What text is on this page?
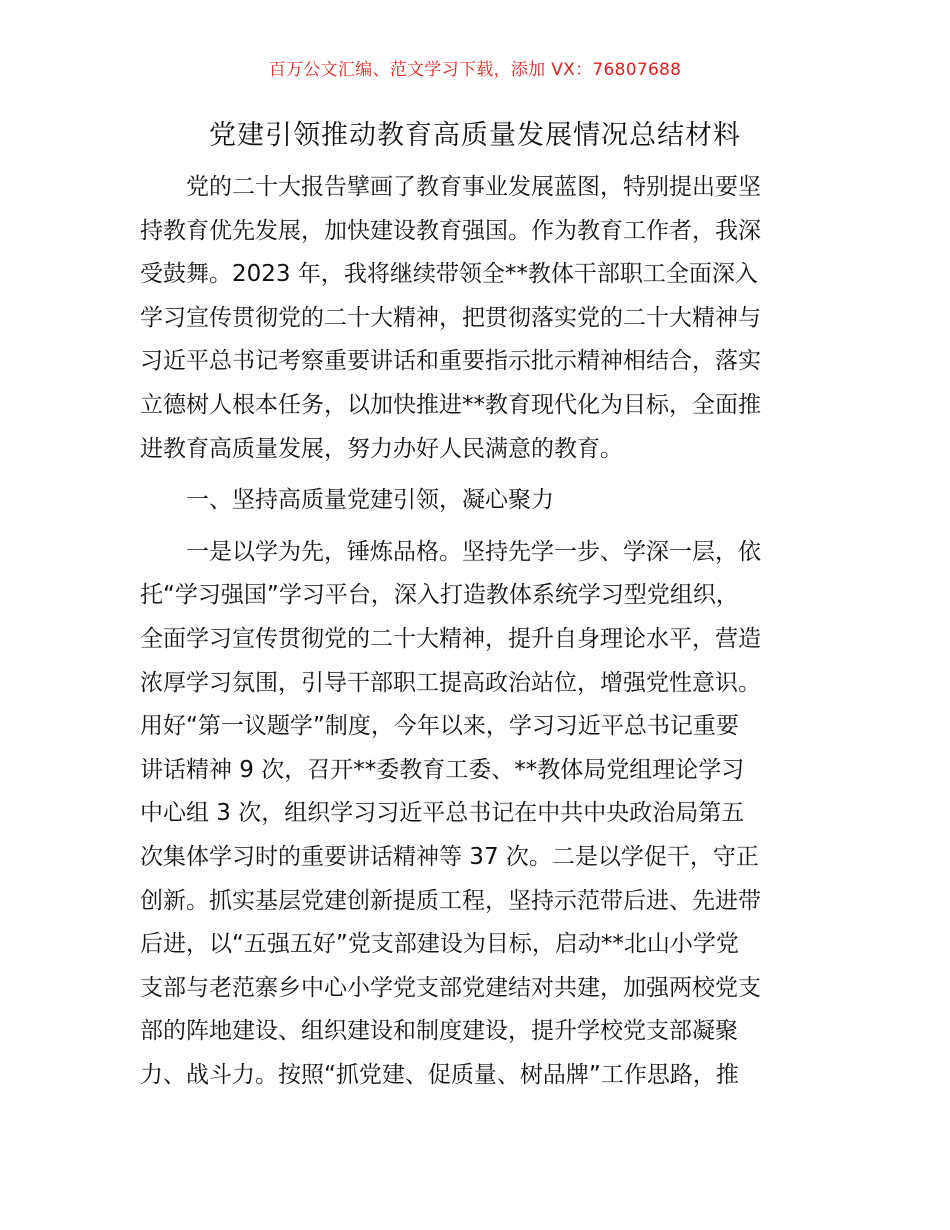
百万公文汇编、范文学习下载，添加 VX：76807688
党建引领推动教育高质量发展情况总结材料

党的二十大报告擘画了教育事业发展蓝图，特别提出要坚
持教育优先发展，加快建设教育强国。作为教育工作者，我深
受鼓舞。2023 年，我将继续带领全**教体干部职工全面深入
学习宣传贯彻党的二十大精神，把贯彻落实党的二十大精神与
习近平总书记考察重要讲话和重要指示批示精神相结合，落实
立德树人根本任务，以加快推进**教育现代化为目标，全面推
进教育高质量发展，努力办好人民满意的教育。

一、坚持高质量党建引领，凝心聚力

一是以学为先，锤炼品格。坚持先学一步、学深一层，依
托“学习强国”学习平台，深入打造教体系统学习型党组织，
全面学习宣传贯彻党的二十大精神，提升自身理论水平，营造
浓厚学习氛围，引导干部职工提高政治站位，增强党性意识。
用好“第一议题学”制度，今年以来，学习习近平总书记重要
讲话精神 9 次，召开**委教育工委、**教体局党组理论学习
中心组 3 次，组织学习习近平总书记在中共中央政治局第五
次集体学习时的重要讲话精神等 37 次。二是以学促干，守正
创新。抓实基层党建创新提质工程，坚持示范带后进、先进带
后进，以“五强五好”党支部建设为目标，启动**北山小学党
支部与老范寨乡中心小学党支部党建结对共建，加强两校党支
部的阵地建设、组织建设和制度建设，提升学校党支部凝聚
力、战斗力。按照“抓党建、促质量、树品牌”工作思路，推
